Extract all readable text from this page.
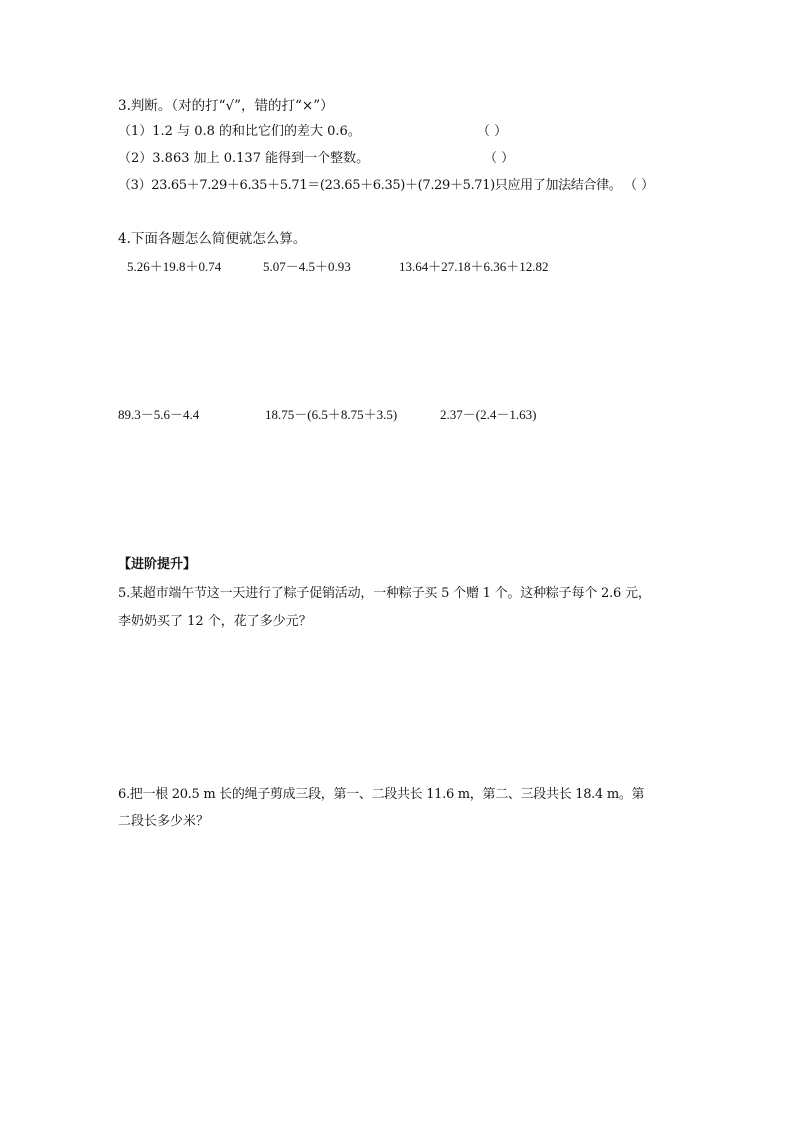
3.判断。（对的打“√”，错的打“×”）
（1）1.2 与 0.8 的和比它们的差大 0.6。	（ ）
（2）3.863 加上 0.137 能得到一个整数。	（ ）
（3）23.65＋7.29＋6.35＋5.71＝(23.65＋6.35)＋(7.29＋5.71)只应用了加法结合律。 （ ）
4.下面各题怎么简便就怎么算。
5.26＋19.8＋0.74	5.07－4.5＋0.93	13.64＋27.18＋6.36＋12.82
89.3－5.6－4.4	18.75－(6.5＋8.75＋3.5)	2.37－(2.4－1.63)
【进阶提升】
5.某超市端午节这一天进行了粽子促销活动，一种粽子买 5 个赠 1 个。这种粽子每个 2.6 元，
李奶奶买了 12 个，花了多少元？
6.把一根 20.5 m 长的绳子剪成三段，第一、二段共长 11.6 m，第二、三段共长 18.4 m。第
二段长多少米？
